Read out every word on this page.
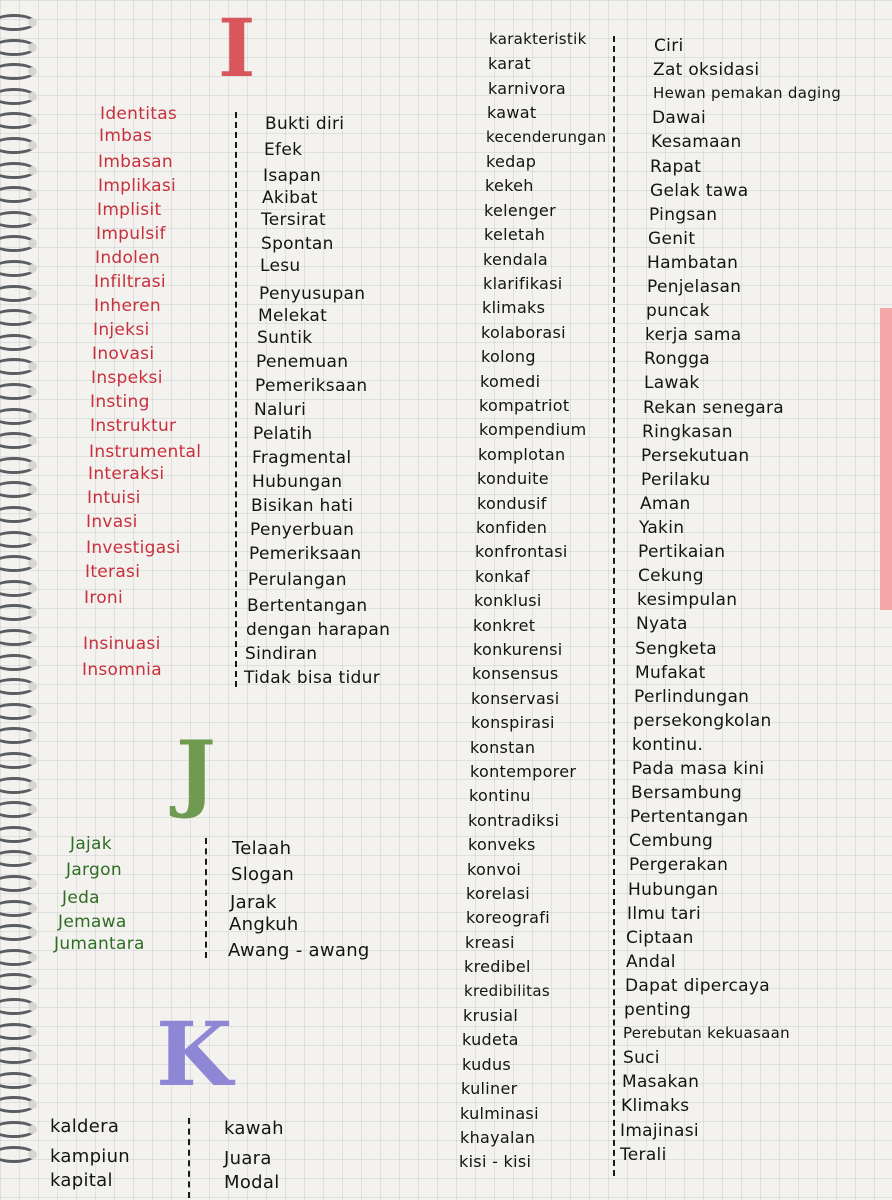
I
J
K
Identitas
Imbas
Imbasan
Implikasi
Implisit
Impulsif
Indolen
Infiltrasi
Inheren
Injeksi
Inovasi
Inspeksi
Insting
Instruktur
Instrumental
Interaksi
Intuisi
Invasi
Investigasi
Iterasi
Ironi
Insinuasi
Insomnia
Bukti diri
Efek
Isapan
Akibat
Tersirat
Spontan
Lesu
Penyusupan
Melekat
Suntik
Penemuan
Pemeriksaan
Naluri
Pelatih
Fragmental
Hubungan
Bisikan hati
Penyerbuan
Pemeriksaan
Perulangan
Bertentangan
dengan harapan
Sindiran
Tidak bisa tidur
Jajak
Jargon
Jeda
Jemawa
Jumantara
Telaah
Slogan
Jarak
Angkuh
Awang - awang
kaldera
kampiun
kapital
kawah
Juara
Modal
karakteristik
karat
karnivora
kawat
kecenderungan
kedap
kekeh
kelenger
keletah
kendala
klarifikasi
klimaks
kolaborasi
kolong
komedi
kompatriot
kompendium
komplotan
konduite
kondusif
konfiden
konfrontasi
konkaf
konklusi
konkret
konkurensi
konsensus
konservasi
konspirasi
konstan
kontemporer
kontinu
kontradiksi
konveks
konvoi
korelasi
koreografi
kreasi
kredibel
kredibilitas
krusial
kudeta
kudus
kuliner
kulminasi
khayalan
kisi - kisi
Ciri
Zat oksidasi
Hewan pemakan daging
Dawai
Kesamaan
Rapat
Gelak tawa
Pingsan
Genit
Hambatan
Penjelasan
puncak
kerja sama
Rongga
Lawak
Rekan senegara
Ringkasan
Persekutuan
Perilaku
Aman
Yakin
Pertikaian
Cekung
kesimpulan
Nyata
Sengketa
Mufakat
Perlindungan
persekongkolan
kontinu.
Pada masa kini
Bersambung
Pertentangan
Cembung
Pergerakan
Hubungan
Ilmu tari
Ciptaan
Andal
Dapat dipercaya
penting
Perebutan kekuasaan
Suci
Masakan
Klimaks
Imajinasi
Terali
